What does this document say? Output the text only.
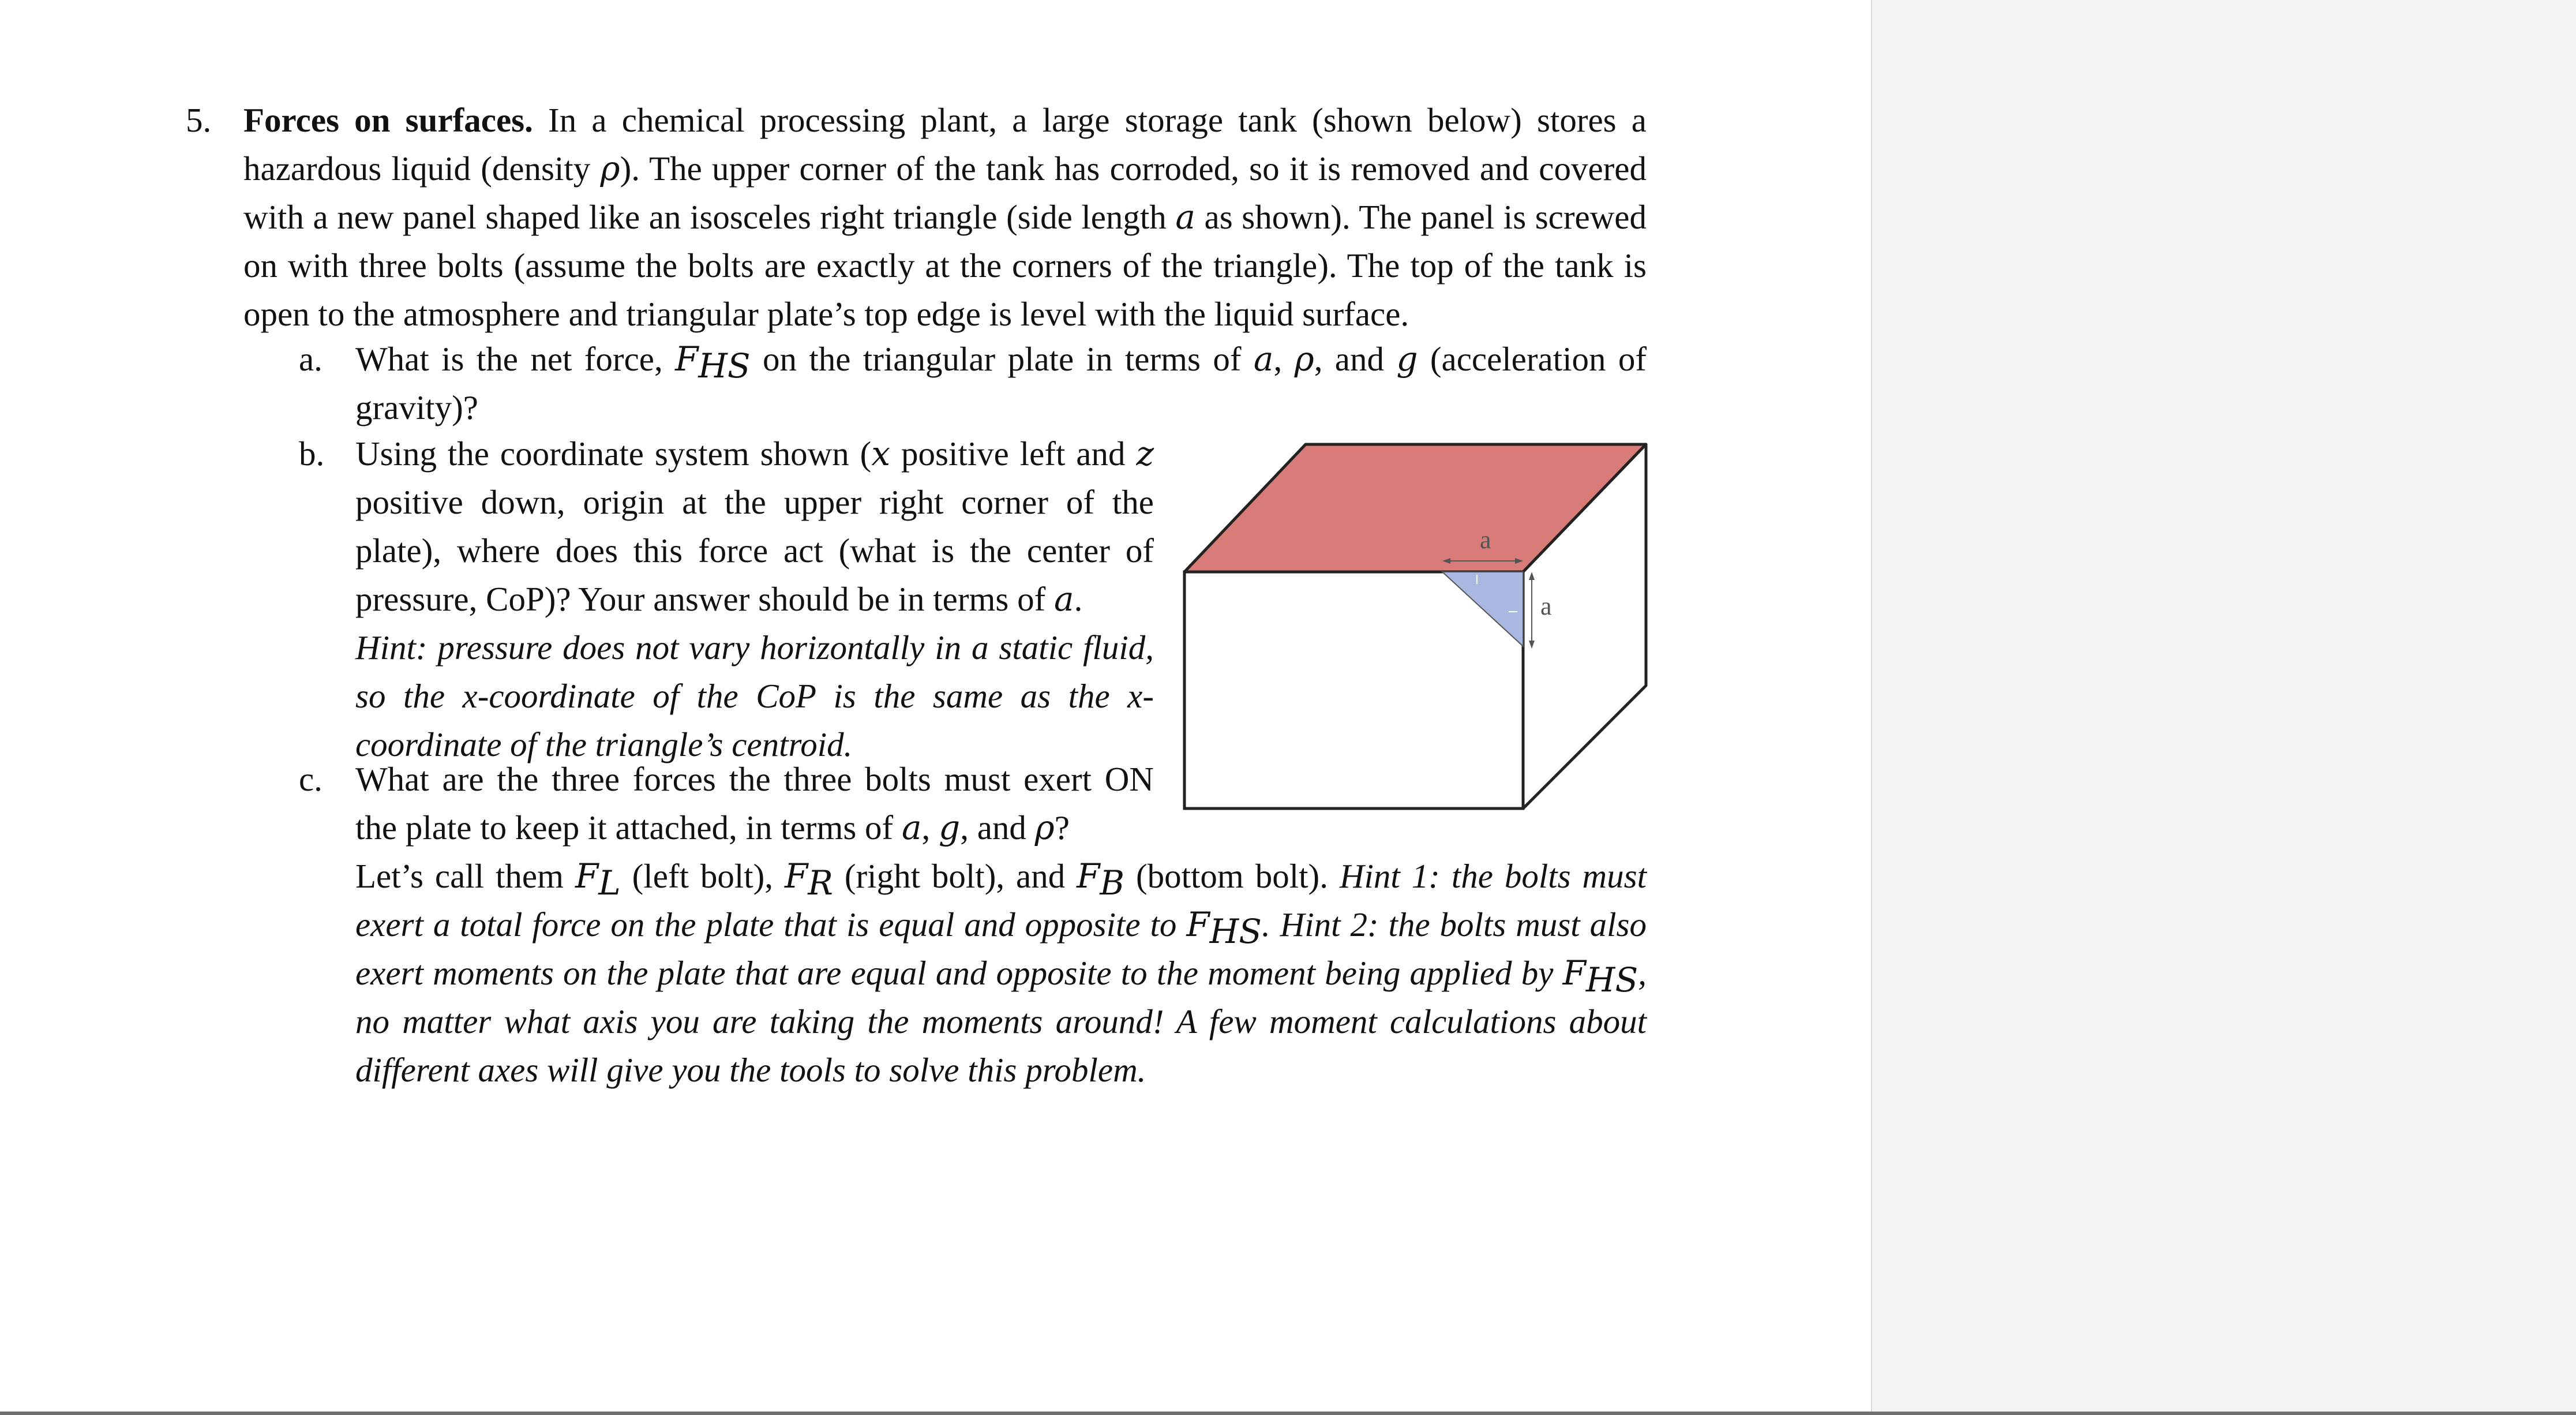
5. Forces on surfaces. In a chemical processing plant, a large storage tank (shown below) stores a hazardous liquid (density ρ). The upper corner of the tank has corroded, so it is removed and covered with a new panel shaped like an isosceles right triangle (side length a as shown). The panel is screwed on with three bolts (assume the bolts are exactly at the corners of the triangle). The top of the tank is open to the atmosphere and triangular plate’s top edge is level with the liquid surface.
a. What is the net force, $F_{HS}$ on the triangular plate in terms of a, ρ, and g (acceleration of gravity)?
b. Using the coordinate system shown (x positive left and z positive down, origin at the upper right corner of the plate), where does this force act (what is the center of pressure, CoP)? Your answer should be in terms of a.
Hint: pressure does not vary horizontally in a static fluid, so the x-coordinate of the CoP is the same as the x-coordinate of the triangle’s centroid.
c. What are the three forces the three bolts must exert ON the plate to keep it attached, in terms of a, g, and ρ?
Let’s call them $F_L$ (left bolt), $F_R$ (right bolt), and $F_B$ (bottom bolt). Hint 1: the bolts must exert a total force on the plate that is equal and opposite to $F_{HS}$. Hint 2: the bolts must also exert moments on the plate that are equal and opposite to the moment being applied by $F_{HS}$, no matter what axis you are taking the moments around! A few moment calculations about different axes will give you the tools to solve this problem.
a
a
